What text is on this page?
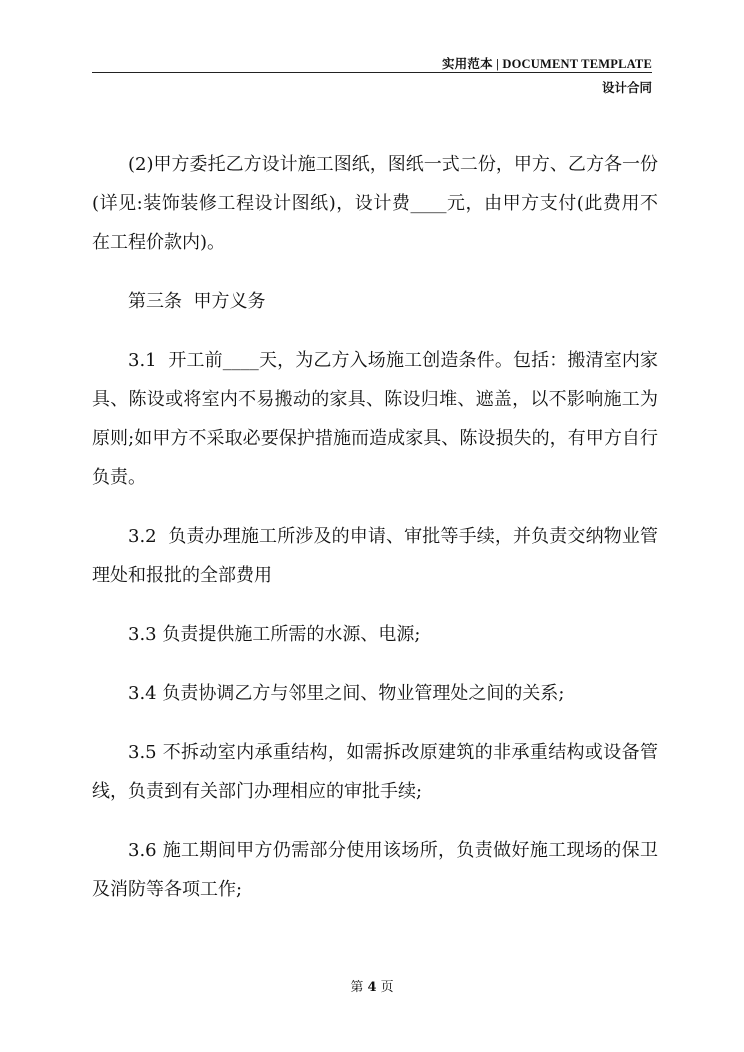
实用范本 | DOCUMENT TEMPLATE
设计合同

(2)甲方委托乙方设计施工图纸，图纸一式二份，甲方、乙方各一份(详见:装饰装修工程设计图纸)，设计费____元，由甲方支付(此费用不在工程价款内)。

第三条  甲方义务

3.1  开工前____天，为乙方入场施工创造条件。包括：搬清室内家具、陈设或将室内不易搬动的家具、陈设归堆、遮盖，以不影响施工为原则;如甲方不采取必要保护措施而造成家具、陈设损失的，有甲方自行负责。

3.2  负责办理施工所涉及的申请、审批等手续，并负责交纳物业管理处和报批的全部费用

3.3 负责提供施工所需的水源、电源;

3.4 负责协调乙方与邻里之间、物业管理处之间的关系;

3.5 不拆动室内承重结构，如需拆改原建筑的非承重结构或设备管线，负责到有关部门办理相应的审批手续;

3.6 施工期间甲方仍需部分使用该场所，负责做好施工现场的保卫及消防等各项工作;

第 4 页
